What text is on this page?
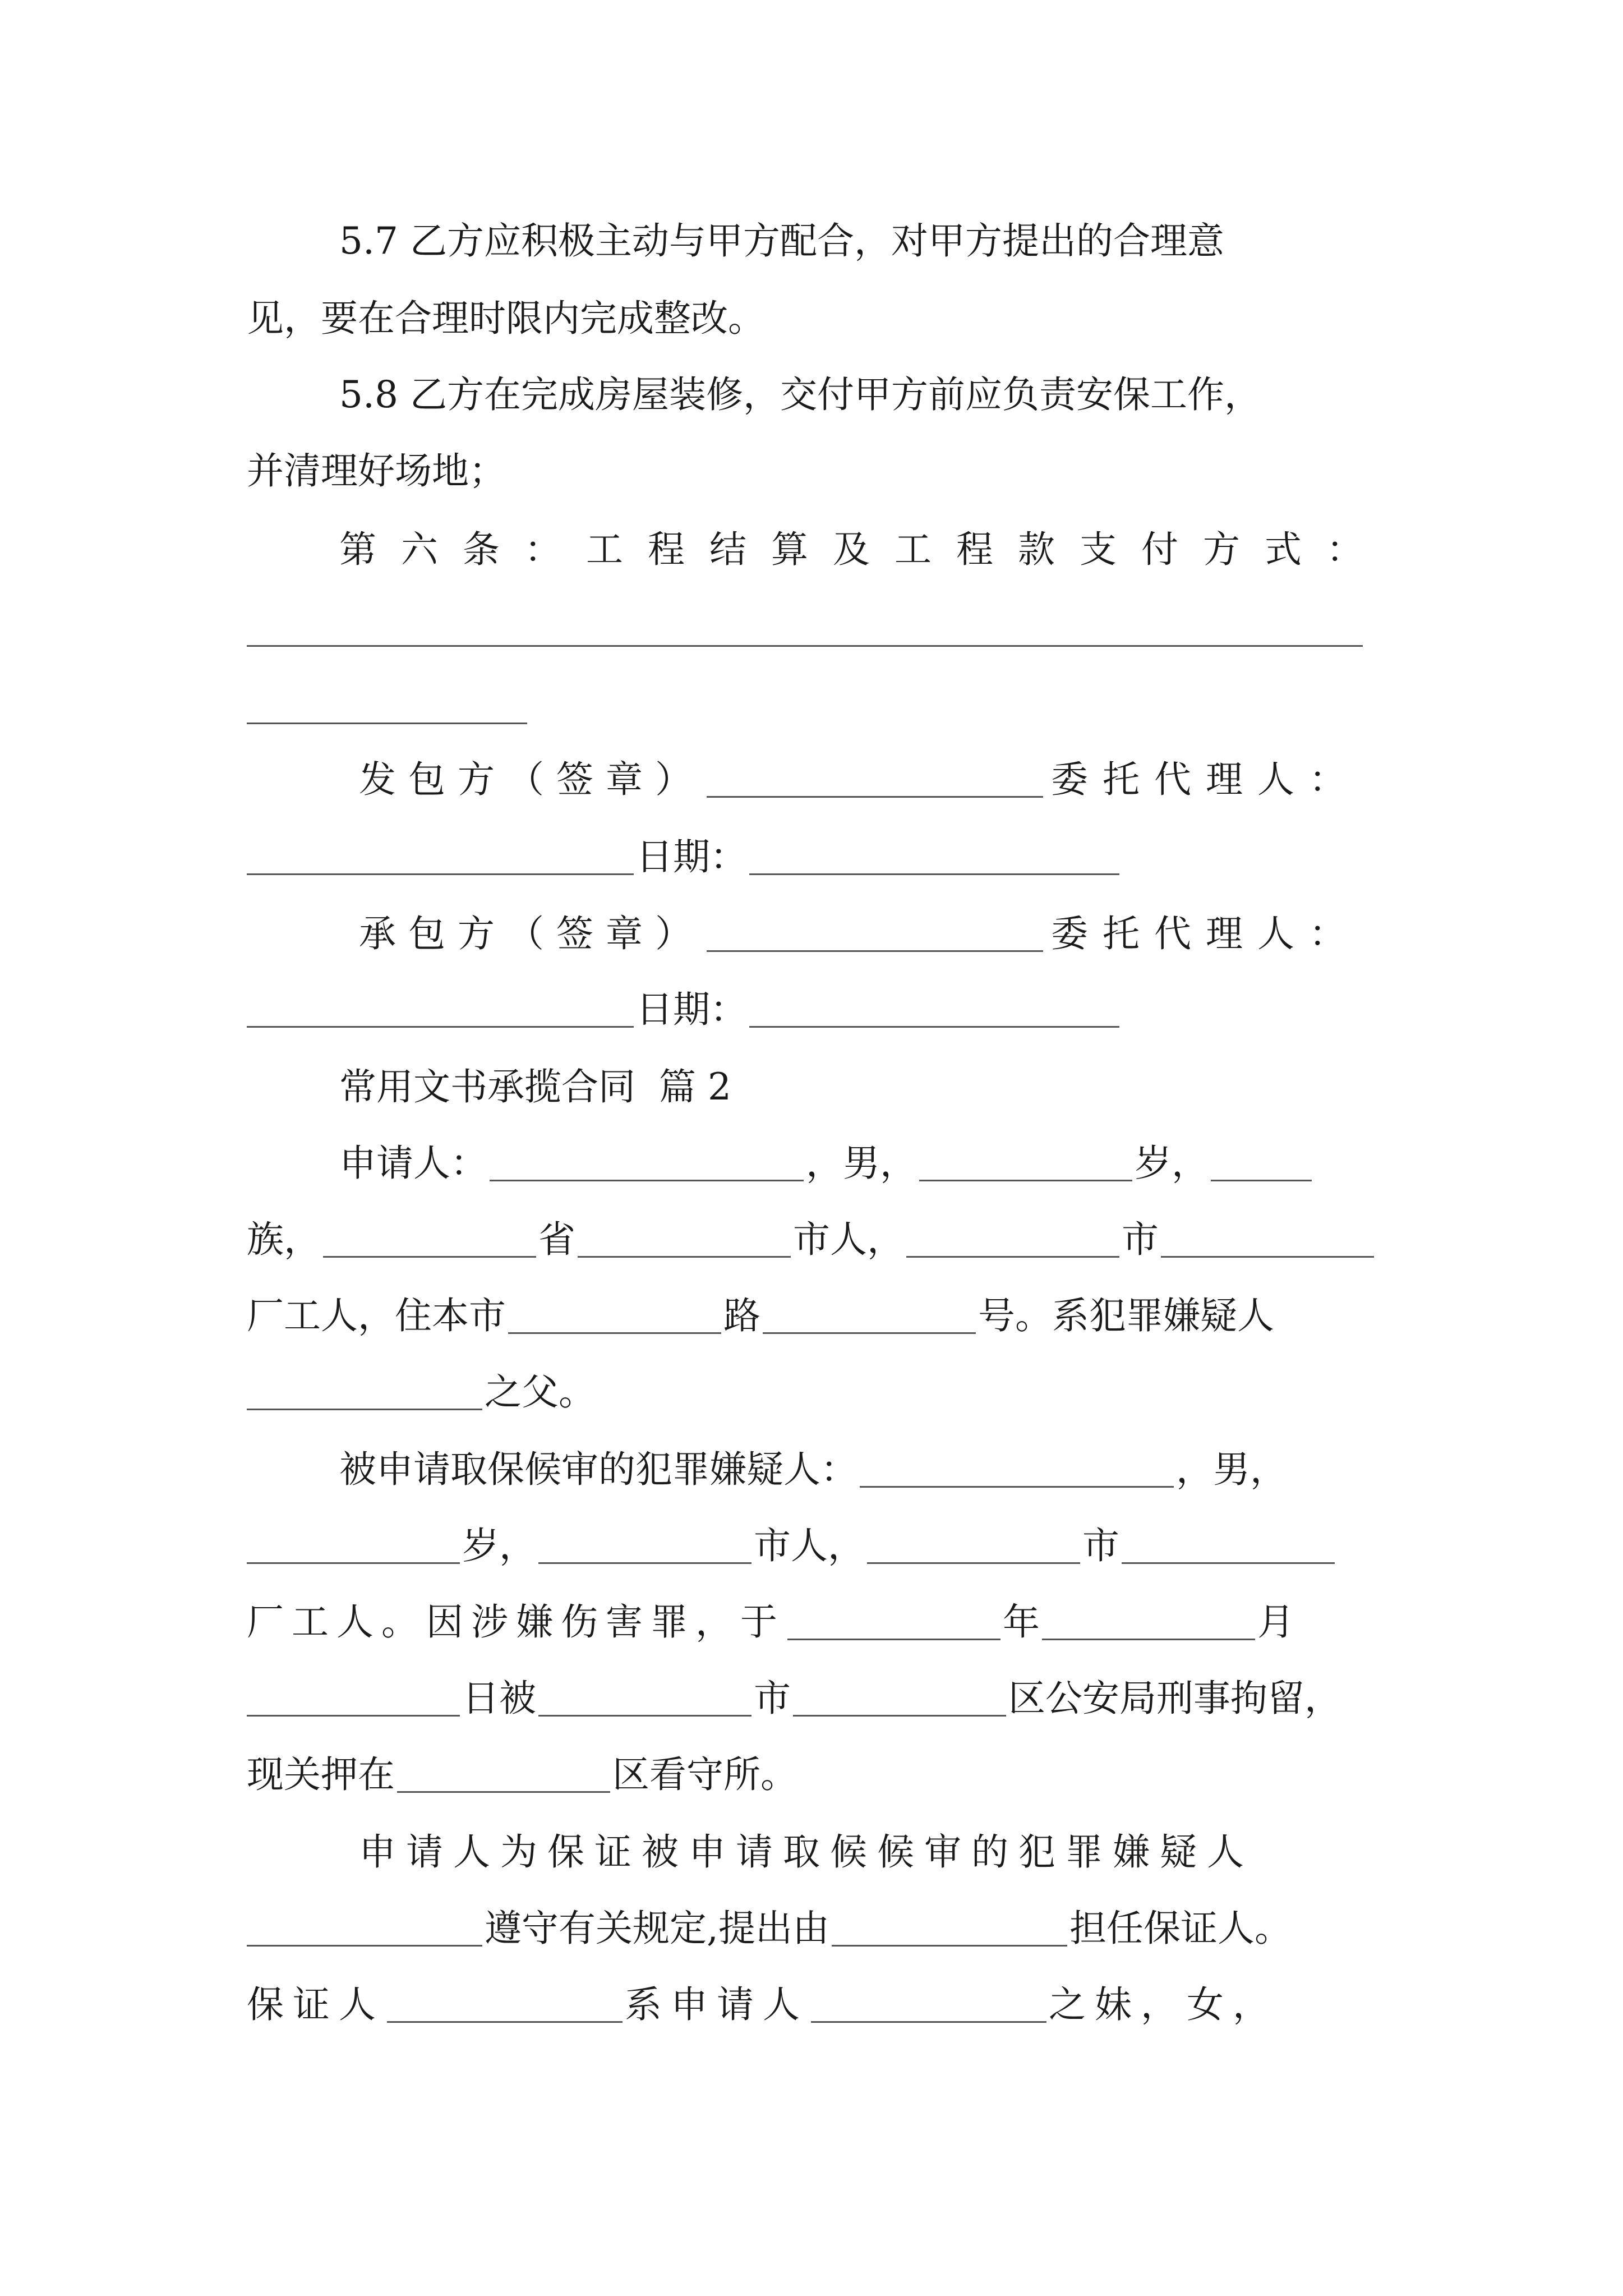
5.7 乙方应积极主动与甲方配合，对甲方提出的合理意
见，要在合理时限内完成整改。
5.8 乙方在完成房屋装修，交付甲方前应负责安保工作，
并清理好场地；
第六条：工程结算及工程款支付方式：
发包方（签章）	委托代理人：
日期：
承包方（签章）	委托代理人：
日期：
常用文书承揽合同  篇 2
申请人：	，男，	岁，
族，	省	市人，	市
厂工人，住本市	路	号。系犯罪嫌疑人
之父。
被申请取保候审的犯罪嫌疑人：	，男，
岁，	市人，	市
厂工人。因涉嫌伤害罪，于	年	月
日被	市	区公安局刑事拘留，
现关押在	区看守所。
申请人为保证被申请取候候审的犯罪嫌疑人
遵守有关规定,提出由	担任保证人。
保证人	系申请人	之妹，女，
